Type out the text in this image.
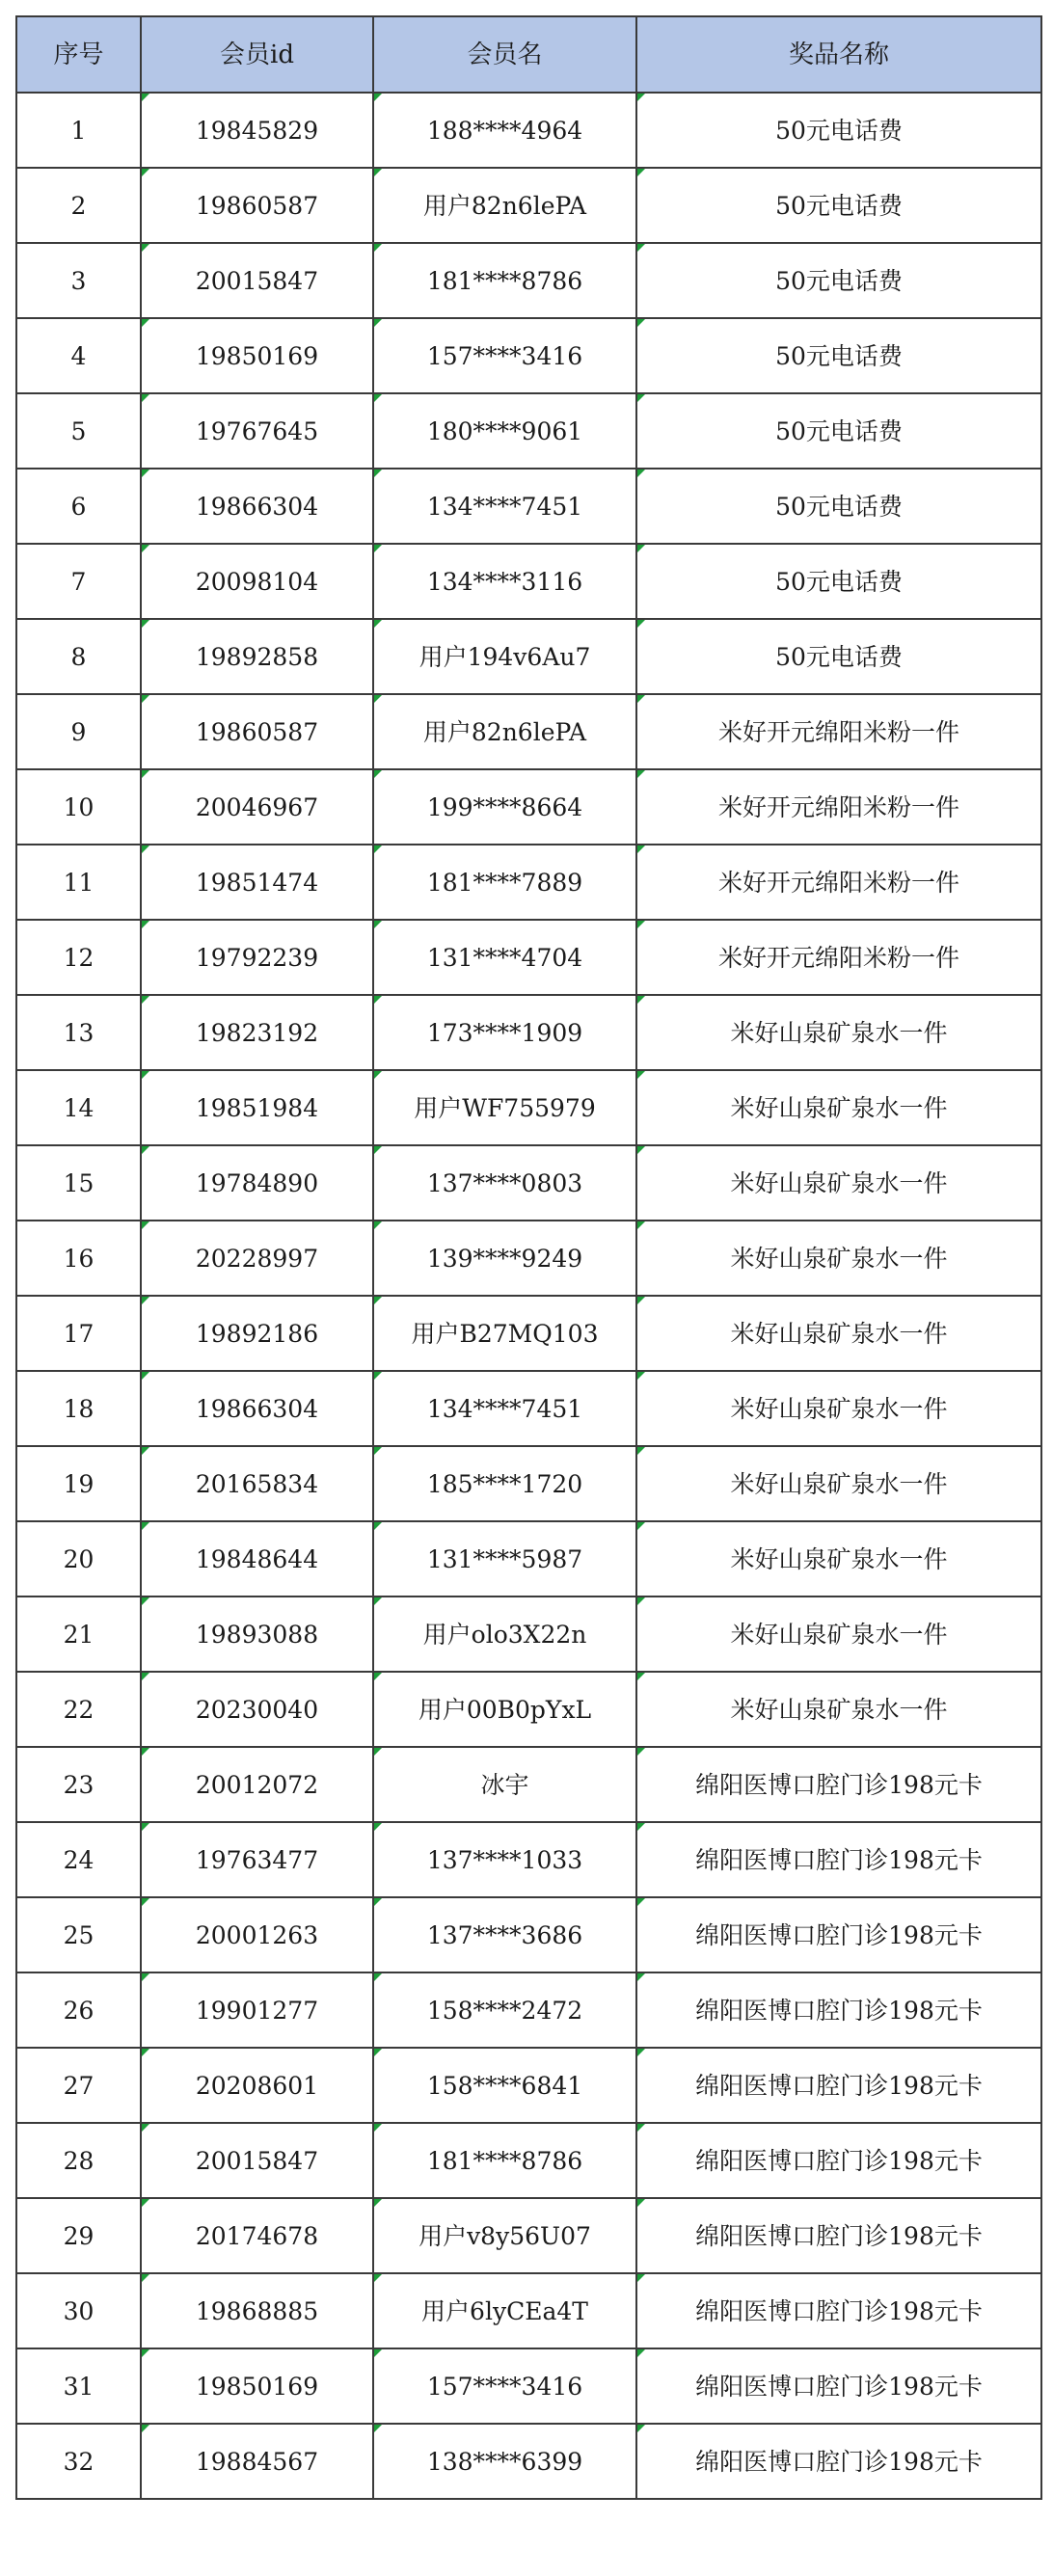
序号	会员id	会员名	奖品名称
1	19845829	188****4964	50元电话费
2	19860587	用户82n6lePA	50元电话费
3	20015847	181****8786	50元电话费
4	19850169	157****3416	50元电话费
5	19767645	180****9061	50元电话费
6	19866304	134****7451	50元电话费
7	20098104	134****3116	50元电话费
8	19892858	用户194v6Au7	50元电话费
9	19860587	用户82n6lePA	米好开元绵阳米粉一件
10	20046967	199****8664	米好开元绵阳米粉一件
11	19851474	181****7889	米好开元绵阳米粉一件
12	19792239	131****4704	米好开元绵阳米粉一件
13	19823192	173****1909	米好山泉矿泉水一件
14	19851984	用户WF755979	米好山泉矿泉水一件
15	19784890	137****0803	米好山泉矿泉水一件
16	20228997	139****9249	米好山泉矿泉水一件
17	19892186	用户B27MQ103	米好山泉矿泉水一件
18	19866304	134****7451	米好山泉矿泉水一件
19	20165834	185****1720	米好山泉矿泉水一件
20	19848644	131****5987	米好山泉矿泉水一件
21	19893088	用户olo3X22n	米好山泉矿泉水一件
22	20230040	用户00B0pYxL	米好山泉矿泉水一件
23	20012072	冰宇	绵阳医博口腔门诊198元卡
24	19763477	137****1033	绵阳医博口腔门诊198元卡
25	20001263	137****3686	绵阳医博口腔门诊198元卡
26	19901277	158****2472	绵阳医博口腔门诊198元卡
27	20208601	158****6841	绵阳医博口腔门诊198元卡
28	20015847	181****8786	绵阳医博口腔门诊198元卡
29	20174678	用户v8y56U07	绵阳医博口腔门诊198元卡
30	19868885	用户6lyCEa4T	绵阳医博口腔门诊198元卡
31	19850169	157****3416	绵阳医博口腔门诊198元卡
32	19884567	138****6399	绵阳医博口腔门诊198元卡
